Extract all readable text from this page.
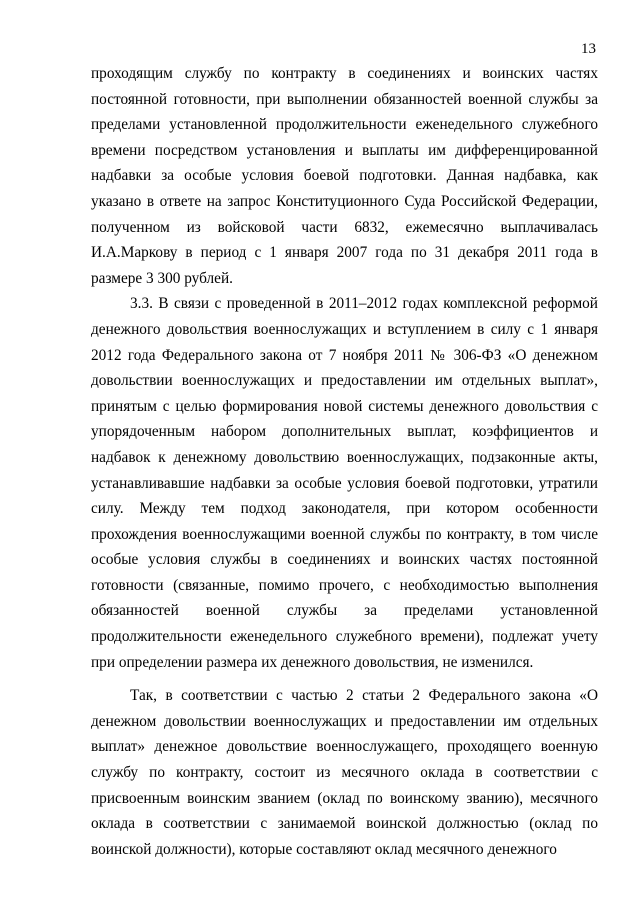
13

проходящим службу по контракту в соединениях и воинских частях постоянной готовности, при выполнении обязанностей военной службы за пределами установленной продолжительности еженедельного служебного времени посредством установления и выплаты им дифференцированной надбавки за особые условия боевой подготовки. Данная надбавка, как указано в ответе на запрос Конституционного Суда Российской Федерации, полученном из войсковой части 6832, ежемесячно выплачивалась И.А.Маркову в период с 1 января 2007 года по 31 декабря 2011 года в размере 3 300 рублей.

3.3. В связи с проведенной в 2011–2012 годах комплексной реформой денежного довольствия военнослужащих и вступлением в силу с 1 января 2012 года Федерального закона от 7 ноября 2011 № 306-ФЗ «О денежном довольствии военнослужащих и предоставлении им отдельных выплат», принятым с целью формирования новой системы денежного довольствия с упорядоченным набором дополнительных выплат, коэффициентов и надбавок к денежному довольствию военнослужащих, подзаконные акты, устанавливавшие надбавки за особые условия боевой подготовки, утратили силу. Между тем подход законодателя, при котором особенности прохождения военнослужащими военной службы по контракту, в том числе особые условия службы в соединениях и воинских частях постоянной готовности (связанные, помимо прочего, с необходимостью выполнения обязанностей военной службы за пределами установленной продолжительности еженедельного служебного времени), подлежат учету при определении размера их денежного довольствия, не изменился.

Так, в соответствии с частью 2 статьи 2 Федерального закона «О денежном довольствии военнослужащих и предоставлении им отдельных выплат» денежное довольствие военнослужащего, проходящего военную службу по контракту, состоит из месячного оклада в соответствии с присвоенным воинским званием (оклад по воинскому званию), месячного оклада в соответствии с занимаемой воинской должностью (оклад по воинской должности), которые составляют оклад месячного денежного
